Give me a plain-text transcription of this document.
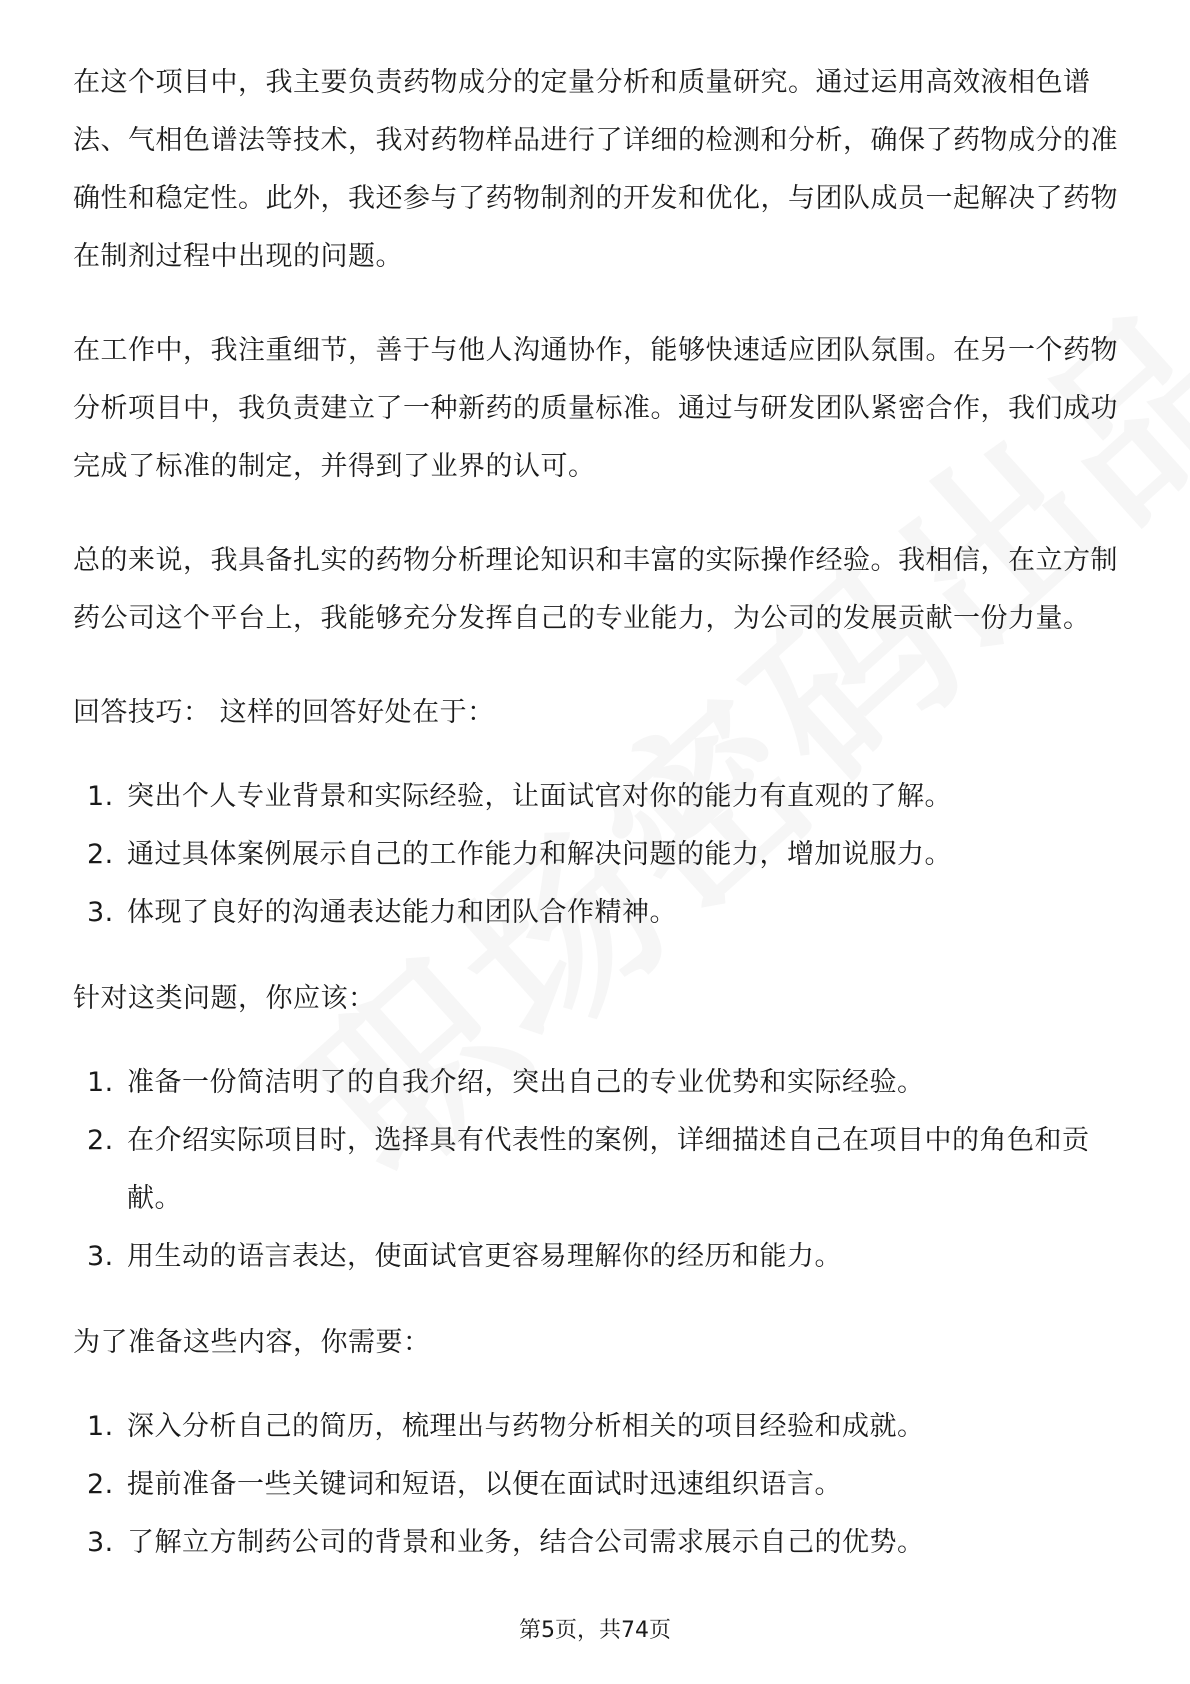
在这个项目中，我主要负责药物成分的定量分析和质量研究。通过运用高效液相色谱法、气相色谱法等技术，我对药物样品进行了详细的检测和分析，确保了药物成分的准确性和稳定性。此外，我还参与了药物制剂的开发和优化，与团队成员一起解决了药物在制剂过程中出现的问题。

在工作中，我注重细节，善于与他人沟通协作，能够快速适应团队氛围。在另一个药物分析项目中，我负责建立了一种新药的质量标准。通过与研发团队紧密合作，我们成功完成了标准的制定，并得到了业界的认可。

总的来说，我具备扎实的药物分析理论知识和丰富的实际操作经验。我相信，在立方制药公司这个平台上，我能够充分发挥自己的专业能力，为公司的发展贡献一份力量。

回答技巧： 这样的回答好处在于：

1. 突出个人专业背景和实际经验，让面试官对你的能力有直观的了解。
2. 通过具体案例展示自己的工作能力和解决问题的能力，增加说服力。
3. 体现了良好的沟通表达能力和团队合作精神。

针对这类问题，你应该：

1. 准备一份简洁明了的自我介绍，突出自己的专业优势和实际经验。
2. 在介绍实际项目时，选择具有代表性的案例，详细描述自己在项目中的角色和贡献。
3. 用生动的语言表达，使面试官更容易理解你的经历和能力。

为了准备这些内容，你需要：

1. 深入分析自己的简历，梳理出与药物分析相关的项目经验和成就。
2. 提前准备一些关键词和短语，以便在面试时迅速组织语言。
3. 了解立方制药公司的背景和业务，结合公司需求展示自己的优势。
第5页，共74页
